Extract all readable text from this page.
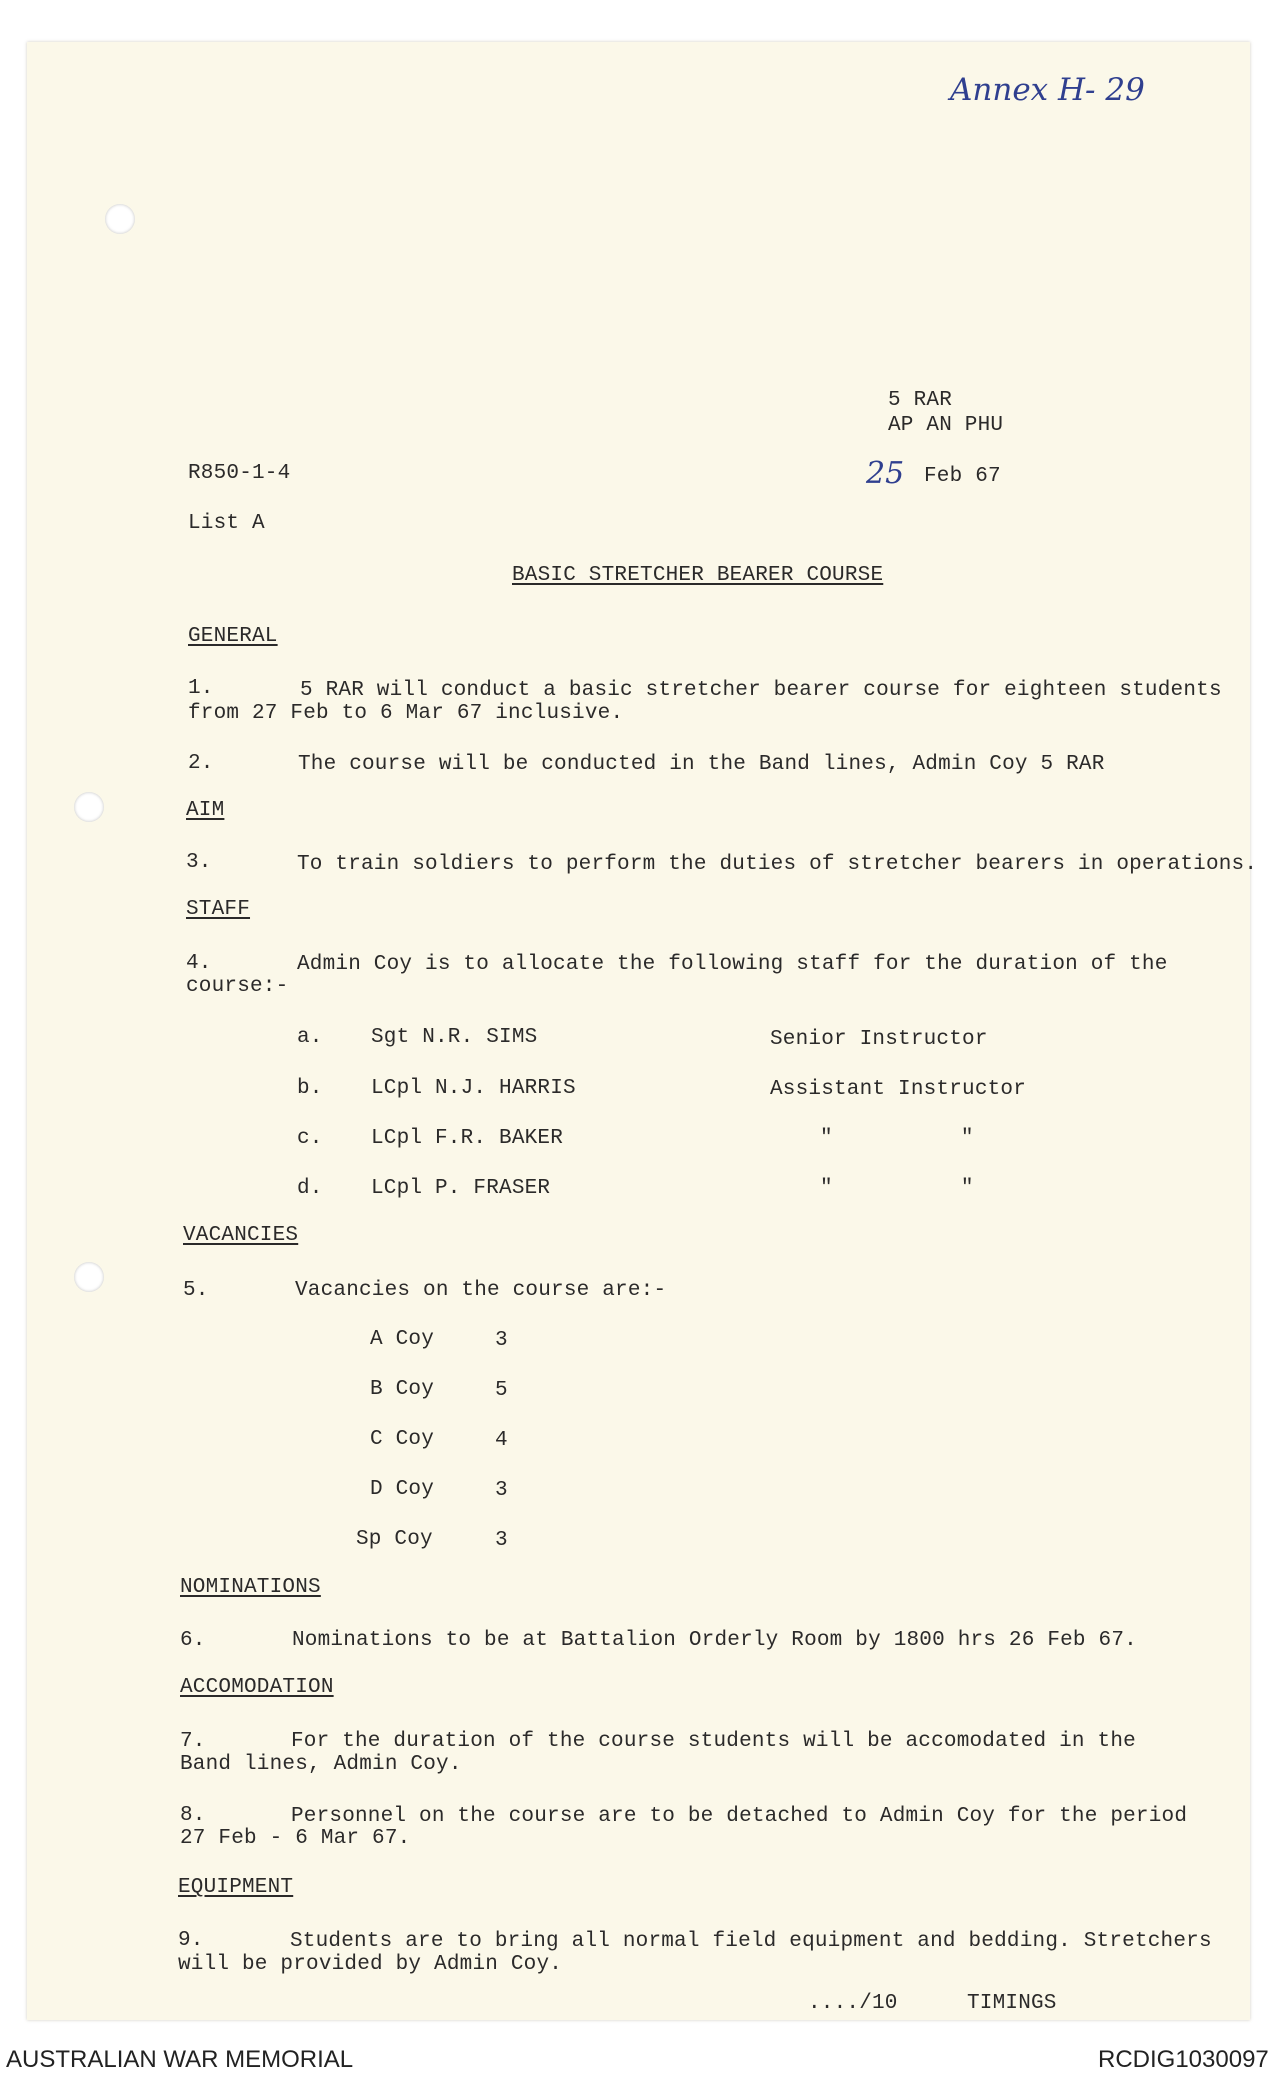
Annex H- 29
5 RAR
AP AN PHU
R850-1-4	25 Feb 67
List A
BASIC STRETCHER BEARER COURSE
GENERAL
1.	5 RAR will conduct a basic stretcher bearer course for eighteen students
from 27 Feb to 6 Mar 67 inclusive.
2.	The course will be conducted in the Band lines, Admin Coy 5 RAR
AIM
3.	To train soldiers to perform the duties of stretcher bearers in operations.
STAFF
4.	Admin Coy is to allocate the following staff for the duration of the
course:-
a. Sgt N.R. SIMS	Senior Instructor
b. LCpl N.J. HARRIS	Assistant Instructor
c. LCpl F.R. BAKER	"          "
d. LCpl P. FRASER	"          "
VACANCIES
5.	Vacancies on the course are:-
A Coy	3
B Coy	5
C Coy	4
D Coy	3
Sp Coy	3
NOMINATIONS
6.	Nominations to be at Battalion Orderly Room by 1800 hrs 26 Feb 67.
ACCOMODATION
7.	For the duration of the course students will be accomodated in the
Band lines, Admin Coy.
8.	Personnel on the course are to be detached to Admin Coy for the period
27 Feb - 6 Mar 67.
EQUIPMENT
9.	Students are to bring all normal field equipment and bedding. Stretchers
will be provided by Admin Coy.
..../10	TIMINGS
AUSTRALIAN WAR MEMORIAL	RCDIG1030097
